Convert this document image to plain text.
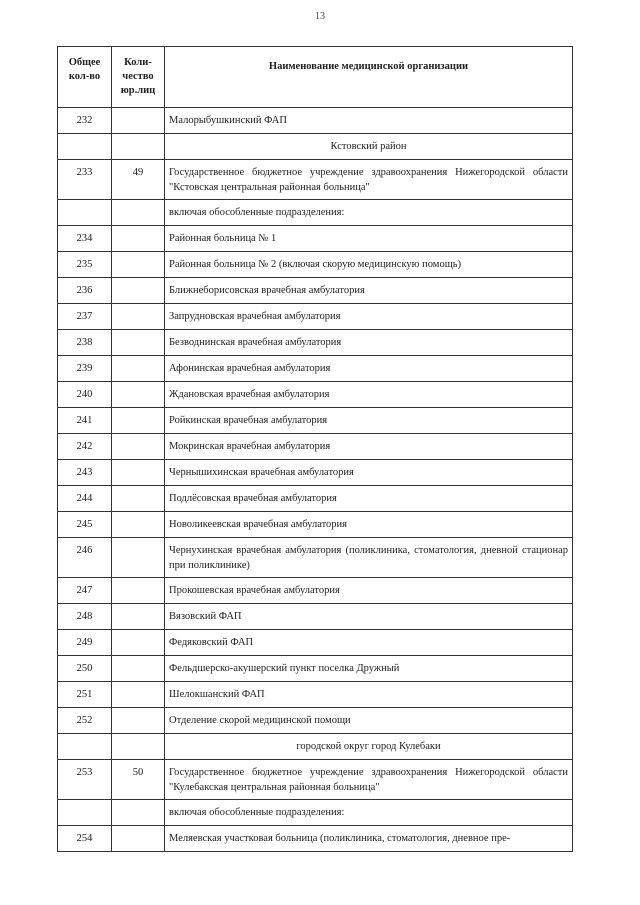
13
Общее
кол-во	Коли-
чество
юр.лиц	Наименование медицинской организации
232		Малорыбушкинский ФАП
		Кстовский район
233	49	Государственное бюджетное учреждение здравоохранения Нижегородской области "Кстовская центральная районная больница"
		включая обособленные подразделения:
234		Районная больница № 1
235		Районная больница № 2 (включая скорую медицинскую помощь)
236		Ближнеборисовская врачебная амбулатория
237		Запрудновская врачебная амбулатория
238		Безводнинская врачебная амбулатория
239		Афонинская врачебная амбулатория
240		Ждановская врачебная амбулатория
241		Ройкинская врачебная амбулатория
242		Мокринская врачебная амбулатория
243		Чернышихинская врачебная амбулатория
244		Подлёсовская врачебная амбулатория
245		Новоликеевская врачебная амбулатория
246		Чернухинская врачебная амбулатория (поликлиника, стоматология, дневной стационар при поликлинике)
247		Прокошевская врачебная амбулатория
248		Вязовский ФАП
249		Федяковский ФАП
250		Фельдшерско-акушерский пункт поселка Дружный
251		Шелокшанский ФАП
252		Отделение скорой медицинской помощи
		городской округ город Кулебаки
253	50	Государственное бюджетное учреждение здравоохранения Нижегородской области "Кулебакская центральная районная больница"
		включая обособленные подразделения:
254		Меляевская участковая больница (поликлиника, стоматология, дневное пре-
